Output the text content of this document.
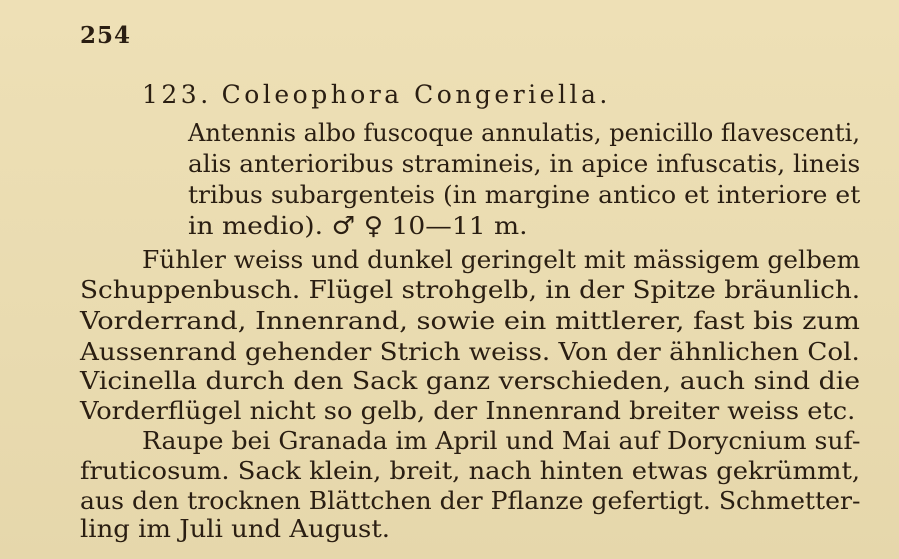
254
123. Coleophora Congeriella.
Antennis albo fuscoque annulatis, penicillo flavescenti,
alis anterioribus stramineis, in apice infuscatis, lineis
tribus subargenteis (in margine antico et interiore et
in medio). ♂ ♀ 10—11 m.
Fühler weiss und dunkel geringelt mit mässigem gelbem
Schuppenbusch. Flügel strohgelb, in der Spitze bräunlich.
Vorderrand, Innenrand, sowie ein mittlerer, fast bis zum
Aussenrand gehender Strich weiss. Von der ähnlichen Col.
Vicinella durch den Sack ganz verschieden, auch sind die
Vorderflügel nicht so gelb, der Innenrand breiter weiss etc.
Raupe bei Granada im April und Mai auf Dorycnium suf-
fruticosum. Sack klein, breit, nach hinten etwas gekrümmt,
aus den trocknen Blättchen der Pflanze gefertigt. Schmetter-
ling im Juli und August.
